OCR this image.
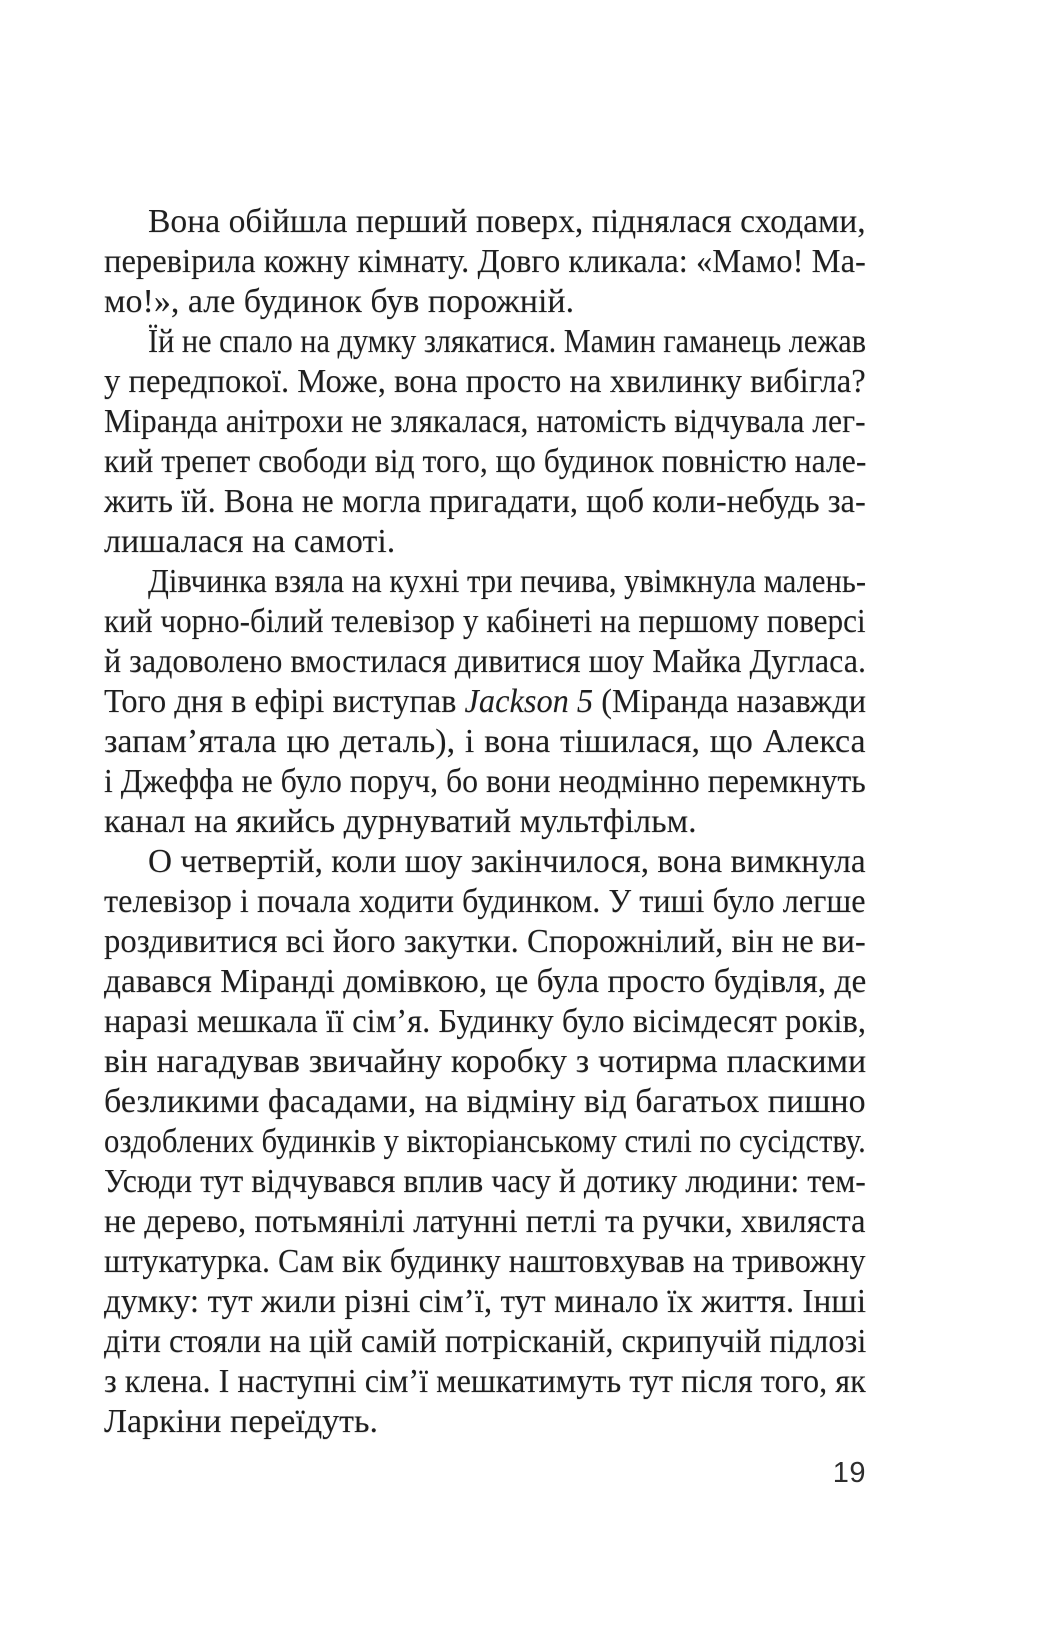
Вона обійшла перший поверх, піднялася сходами,
перевірила кожну кімнату. Довго кликала: «Мамо! Ма-
мо!», але будинок був порожній.
Їй не спало на думку злякатися. Мамин гаманець лежав
у передпокої. Може, вона просто на хвилинку вибігла?
Міранда анітрохи не злякалася, натомість відчувала лег-
кий трепет свободи від того, що будинок повністю нале-
жить їй. Вона не могла пригадати, щоб коли-небудь за-
лишалася на самоті.
Дівчинка взяла на кухні три печива, увімкнула малень-
кий чорно-білий телевізор у кабінеті на першому поверсі
й задоволено вмостилася дивитися шоу Майка Дугласа.
Того дня в ефірі виступав Jackson 5 (Міранда назавжди
запам’ятала цю деталь), і вона тішилася, що Алекса
і Джеффа не було поруч, бо вони неодмінно перемкнуть
канал на якийсь дурнуватий мультфільм.
О четвертій, коли шоу закінчилося, вона вимкнула
телевізор і почала ходити будинком. У тиші було легше
роздивитися всі його закутки. Спорожнілий, він не ви-
давався Міранді домівкою, це була просто будівля, де
наразі мешкала її сім’я. Будинку було вісімдесят років,
він нагадував звичайну коробку з чотирма пласкими
безликими фасадами, на відміну від багатьох пишно
оздоблених будинків у вікторіанському стилі по сусідству.
Усюди тут відчувався вплив часу й дотику людини: тем-
не дерево, потьмянілі латунні петлі та ручки, хвиляста
штукатурка. Сам вік будинку наштовхував на тривожну
думку: тут жили різні сім’ї, тут минало їх життя. Інші
діти стояли на цій самій потрісканій, скрипучій підлозі
з клена. І наступні сім’ї мешкатимуть тут після того, як
Ларкіни переїдуть.
19
